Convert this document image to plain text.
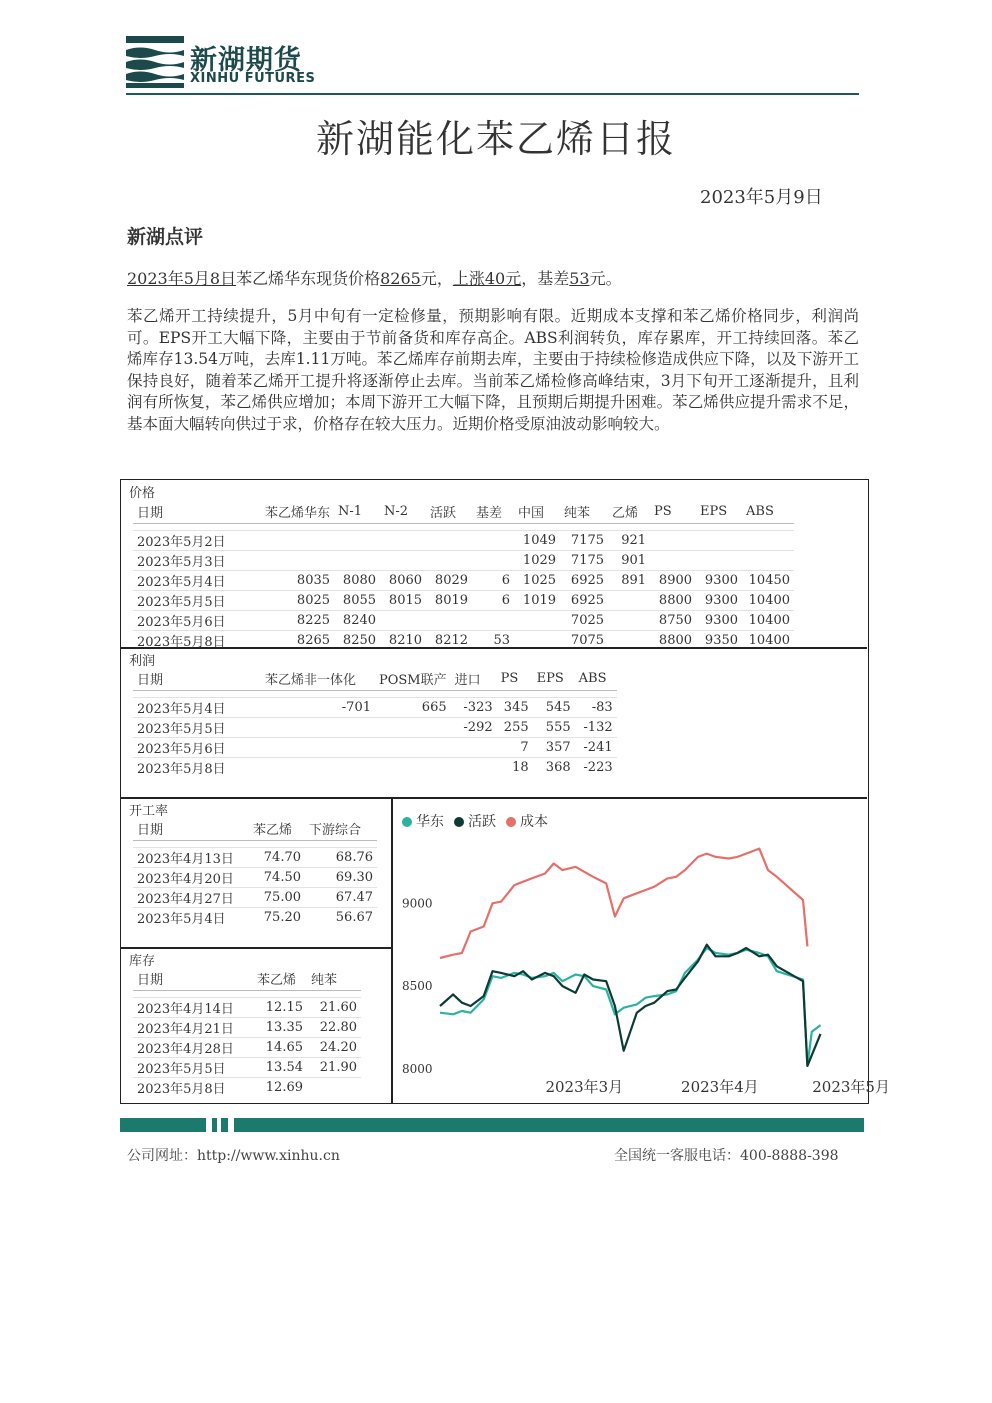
新湖期货
XINHU FUTURES
新湖能化苯乙烯日报
2023年5月9日
新湖点评
2023年5月8日苯乙烯华东现货价格8265元，上涨40元，基差53元。
苯乙烯开工持续提升，5月中旬有一定检修量，预期影响有限。近期成本支撑和苯乙烯价格同步，利润尚可。EPS开工大幅下降，主要由于节前备货和库存高企。ABS利润转负，库存累库，开工持续回落。苯乙烯库存13.54万吨，去库1.11万吨。苯乙烯库存前期去库，主要由于持续检修造成供应下降，以及下游开工保持良好，随着苯乙烯开工提升将逐渐停止去库。当前苯乙烯检修高峰结束，3月下旬开工逐渐提升，且利润有所恢复，苯乙烯供应增加；本周下游开工大幅下降，且预期后期提升困难。苯乙烯供应提升需求不足，基本面大幅转向供过于求，价格存在较大压力。近期价格受原油波动影响较大。
价格
日期	苯乙烯华东	N-1	N-2	活跃	基差	中国	纯苯	乙烯	PS	EPS	ABS

2023年5月2日						1049	7175	921			
2023年5月3日						1029	7175	901			
2023年5月4日	8035	8080	8060	8029	6	1025	6925	891	8900	9300	10450
2023年5月5日	8025	8055	8015	8019	6	1019	6925		8800	9300	10400
2023年5月6日	8225	8240					7025		8750	9300	10400
2023年5月8日	8265	8250	8210	8212	53		7075		8800	9350	10400
利润
日期	苯乙烯非一体化	POSM联产	进口	PS	EPS	ABS

2023年5月4日	-701	665	-323	345	545	-83
2023年5月5日			-292	255	555	-132
2023年5月6日				7	357	-241
2023年5月8日				18	368	-223
开工率
日期	苯乙烯	下游综合

2023年4月13日	74.70	68.76
2023年4月20日	74.50	69.30
2023年4月27日	75.00	67.47
2023年5月4日	75.20	56.67
库存
日期	苯乙烯	纯苯

2023年4月14日	12.15	21.60
2023年4月21日	13.35	22.80
2023年4月28日	14.65	24.20
2023年5月5日	13.54	21.90
2023年5月8日	12.69	
8000
8500
9000
2023年3月	2023年4月	2023年5月
华东 活跃 成本
公司网址：http://www.xinhu.cn	全国统一客服电话：400-8888-398
